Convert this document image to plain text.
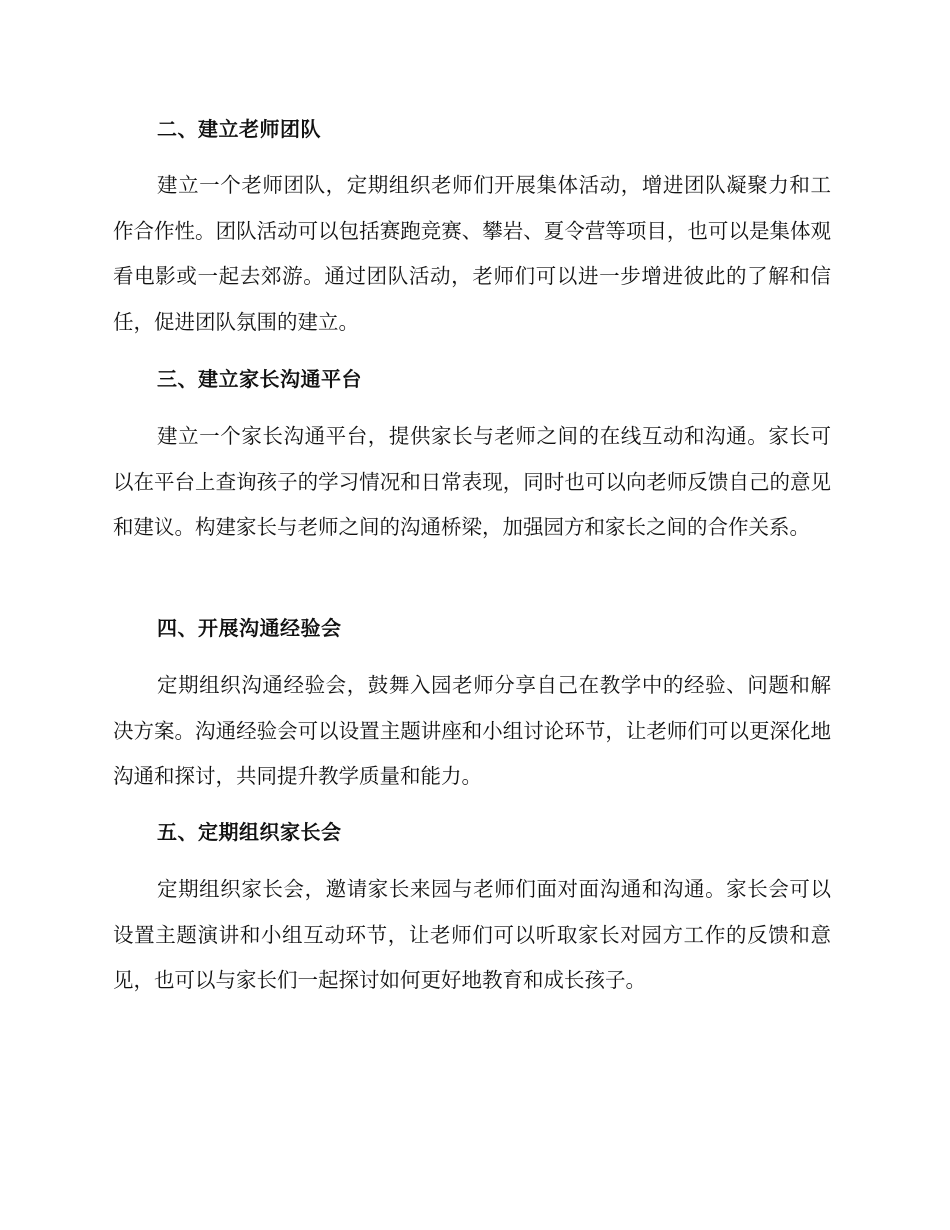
二、建立老师团队
建立一个老师团队，定期组织老师们开展集体活动，增进团队凝聚力和工作合作性。团队活动可以包括赛跑竞赛、攀岩、夏令营等项目，也可以是集体观看电影或一起去郊游。通过团队活动，老师们可以进一步增进彼此的了解和信任，促进团队氛围的建立。
三、建立家长沟通平台
建立一个家长沟通平台，提供家长与老师之间的在线互动和沟通。家长可以在平台上查询孩子的学习情况和日常表现，同时也可以向老师反馈自己的意见和建议。构建家长与老师之间的沟通桥梁，加强园方和家长之间的合作关系。
四、开展沟通经验会
定期组织沟通经验会，鼓舞入园老师分享自己在教学中的经验、问题和解决方案。沟通经验会可以设置主题讲座和小组讨论环节，让老师们可以更深化地沟通和探讨，共同提升教学质量和能力。
五、定期组织家长会
定期组织家长会，邀请家长来园与老师们面对面沟通和沟通。家长会可以设置主题演讲和小组互动环节，让老师们可以听取家长对园方工作的反馈和意见，也可以与家长们一起探讨如何更好地教育和成长孩子。
